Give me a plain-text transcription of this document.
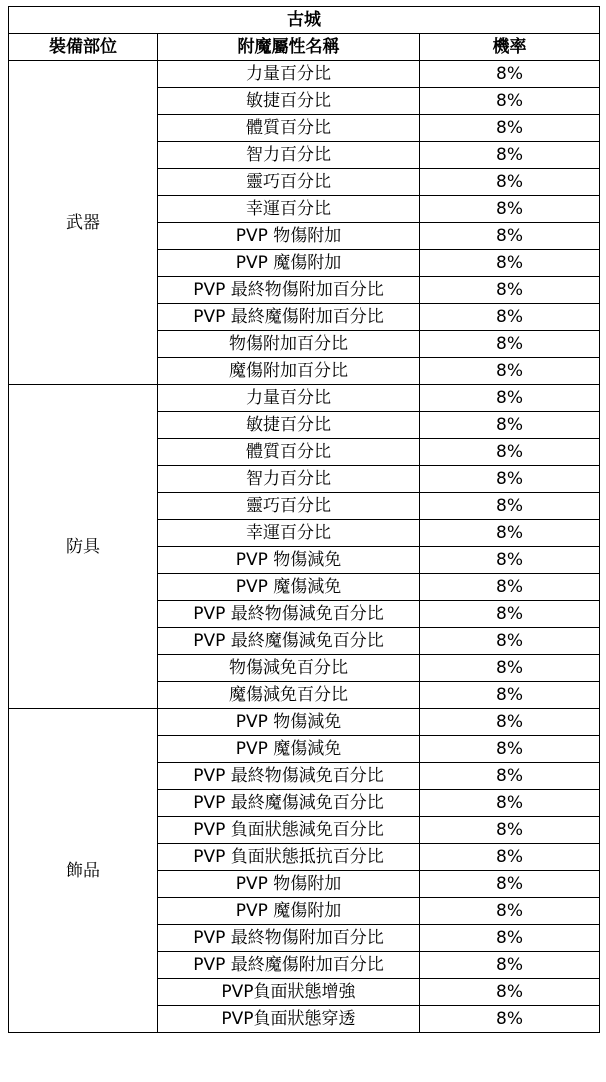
古城		
裝備部位	附魔屬性名稱	機率
武器	力量百分比	8%
	敏捷百分比	8%
	體質百分比	8%
	智力百分比	8%
	靈巧百分比	8%
	幸運百分比	8%
	PVP 物傷附加	8%
	PVP 魔傷附加	8%
	PVP 最終物傷附加百分比	8%
	PVP 最終魔傷附加百分比	8%
	物傷附加百分比	8%
	魔傷附加百分比	8%
防具	力量百分比	8%
	敏捷百分比	8%
	體質百分比	8%
	智力百分比	8%
	靈巧百分比	8%
	幸運百分比	8%
	PVP 物傷減免	8%
	PVP 魔傷減免	8%
	PVP 最終物傷減免百分比	8%
	PVP 最終魔傷減免百分比	8%
	物傷減免百分比	8%
	魔傷減免百分比	8%
飾品	PVP 物傷減免	8%
	PVP 魔傷減免	8%
	PVP 最終物傷減免百分比	8%
	PVP 最終魔傷減免百分比	8%
	PVP 負面狀態減免百分比	8%
	PVP 負面狀態抵抗百分比	8%
	PVP 物傷附加	8%
	PVP 魔傷附加	8%
	PVP 最終物傷附加百分比	8%
	PVP 最終魔傷附加百分比	8%
	PVP負面狀態增強	8%
	PVP負面狀態穿透	8%
